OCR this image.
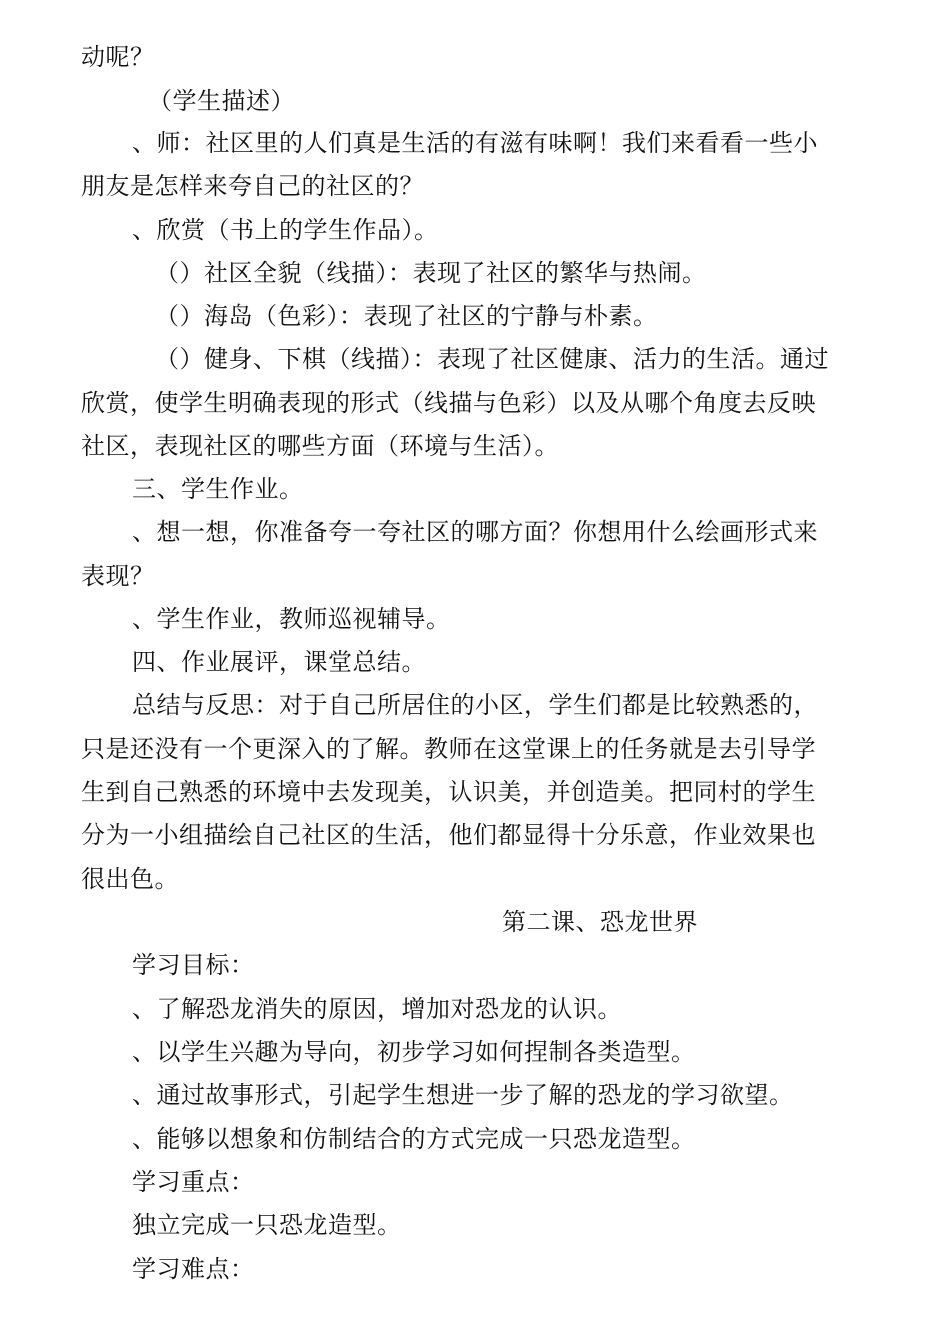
动呢？
（学生描述）
、师：社区里的人们真是生活的有滋有味啊！我们来看看一些小
朋友是怎样来夸自己的社区的？
、欣赏（书上的学生作品）。
（）社区全貌（线描）：表现了社区的繁华与热闹。
（）海岛（色彩）：表现了社区的宁静与朴素。
（）健身、下棋（线描）：表现了社区健康、活力的生活。通过
欣赏，使学生明确表现的形式（线描与色彩）以及从哪个角度去反映
社区，表现社区的哪些方面（环境与生活）。
三、学生作业。
、想一想，你准备夸一夸社区的哪方面？你想用什么绘画形式来
表现？
、学生作业，教师巡视辅导。
四、作业展评，课堂总结。
总结与反思：对于自己所居住的小区，学生们都是比较熟悉的，
只是还没有一个更深入的了解。教师在这堂课上的任务就是去引导学
生到自己熟悉的环境中去发现美，认识美，并创造美。把同村的学生
分为一小组描绘自己社区的生活，他们都显得十分乐意，作业效果也
很出色。
第二课、恐龙世界
学习目标：
、了解恐龙消失的原因，增加对恐龙的认识。
、以学生兴趣为导向，初步学习如何捏制各类造型。
、通过故事形式，引起学生想进一步了解的恐龙的学习欲望。
、能够以想象和仿制结合的方式完成一只恐龙造型。
学习重点：
独立完成一只恐龙造型。
学习难点：
